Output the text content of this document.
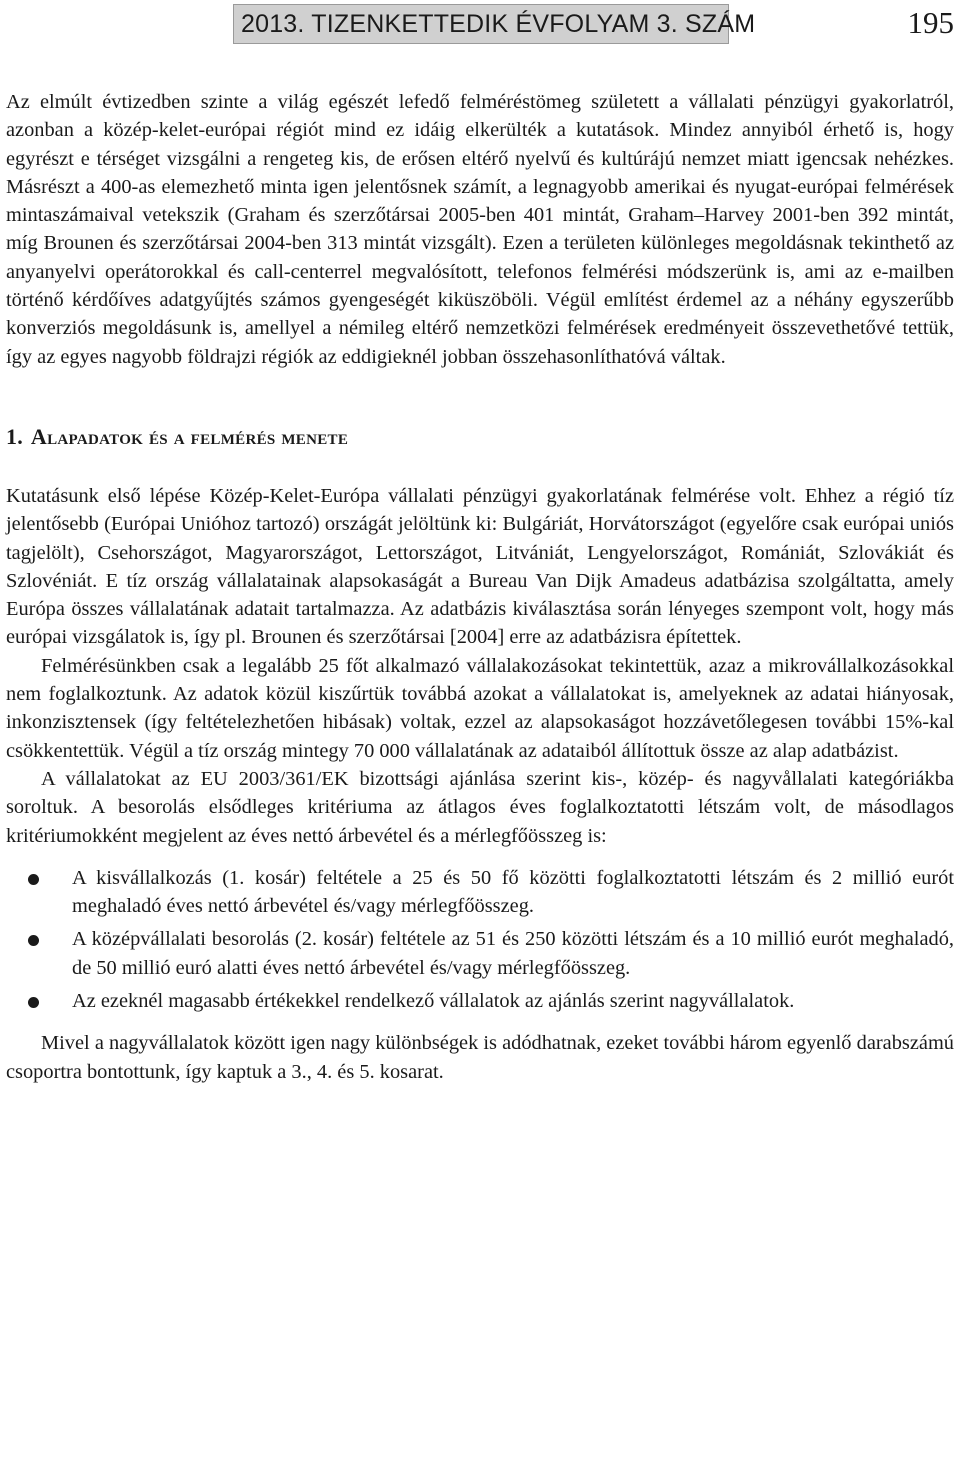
2013. TIZENKETTEDIK ÉVFOLYAM 3. SZÁM	195

Az elmúlt évtizedben szinte a világ egészét lefedő felméréstömeg született a vállalati pénzügyi gyakorlatról, azonban a közép-kelet-európai régiót mind ez idáig elkerülték a kutatások. Mindez annyiból érhető is, hogy egyrészt e térséget vizsgálni a rengeteg kis, de erősen eltérő nyelvű és kultúrájú nemzet miatt igencsak nehézkes. Másrészt a 400-as elemezhető minta igen jelentősnek számít, a legnagyobb amerikai és nyugat-európai felmérések mintaszámaival vetekszik (Graham és szerzőtársai 2005-ben 401 mintát, Graham–Harvey 2001-ben 392 mintát, míg Brounen és szerzőtársai 2004-ben 313 mintát vizsgált). Ezen a területen különleges megoldásnak tekinthető az anyanyelvi operátorokkal és call-centerrel megvalósított, telefonos felmérési módszerünk is, ami az e-mailben történő kérdőíves adatgyűjtés számos gyengeségét kiküszöböli. Végül említést érdemel az a néhány egyszerűbb konverziós megoldásunk is, amellyel a némileg eltérő nemzetközi felmérések eredményeit összevethetővé tettük, így az egyes nagyobb földrajzi régiók az eddigieknél jobban összehasonlíthatóvá váltak.

1. Alapadatok és a felmérés menete

Kutatásunk első lépése Közép-Kelet-Európa vállalati pénzügyi gyakorlatának felmérése volt. Ehhez a régió tíz jelentősebb (Európai Unióhoz tartozó) országát jelöltünk ki: Bulgáriát, Horvátországot (egyelőre csak európai uniós tagjelölt), Csehországot, Magyarországot, Lettországot, Litvániát, Lengyelországot, Romániát, Szlovákiát és Szlovéniát. E tíz ország vállalatainak alapsokaságát a Bureau Van Dijk Amadeus adatbázisa szolgáltatta, amely Európa összes vállalatának adatait tartalmazza. Az adatbázis kiválasztása során lényeges szempont volt, hogy más európai vizsgálatok is, így pl. Brounen és szerzőtársai [2004] erre az adatbázisra építettek.

Felmérésünkben csak a legalább 25 főt alkalmazó vállalakozásokat tekintettük, azaz a mikrovállalkozásokkal nem foglalkoztunk. Az adatok közül kiszűrtük továbbá azokat a vállalatokat is, amelyeknek az adatai hiányosak, inkonzisztensek (így feltételezhetően hibásak) voltak, ezzel az alapsokaságot hozzávetőlegesen további 15%-kal csökkentettük. Végül a tíz ország mintegy 70 000 vállalatának az adataiból állítottuk össze az alap adatbázist.

A vállalatokat az EU 2003/361/EK bizottsági ajánlása szerint kis-, közép- és nagyvållalati kategóriákba soroltuk. A besorolás elsődleges kritériuma az átlagos éves foglalkoztatotti létszám volt, de másodlagos kritériumokként megjelent az éves nettó árbevétel és a mérlegfőösszeg is:

A kisvállalkozás (1. kosár) feltétele a 25 és 50 fő közötti foglalkoztatotti létszám és 2 millió eurót meghaladó éves nettó árbevétel és/vagy mérlegfőösszeg.
A középvállalati besorolás (2. kosár) feltétele az 51 és 250 közötti létszám és a 10 millió eurót meghaladó, de 50 millió euró alatti éves nettó árbevétel és/vagy mérlegfőösszeg.
Az ezeknél magasabb értékekkel rendelkező vállalatok az ajánlás szerint nagyvállalatok.

Mivel a nagyvállalatok között igen nagy különbségek is adódhatnak, ezeket további három egyenlő darabszámú csoportra bontottunk, így kaptuk a 3., 4. és 5. kosarat.
